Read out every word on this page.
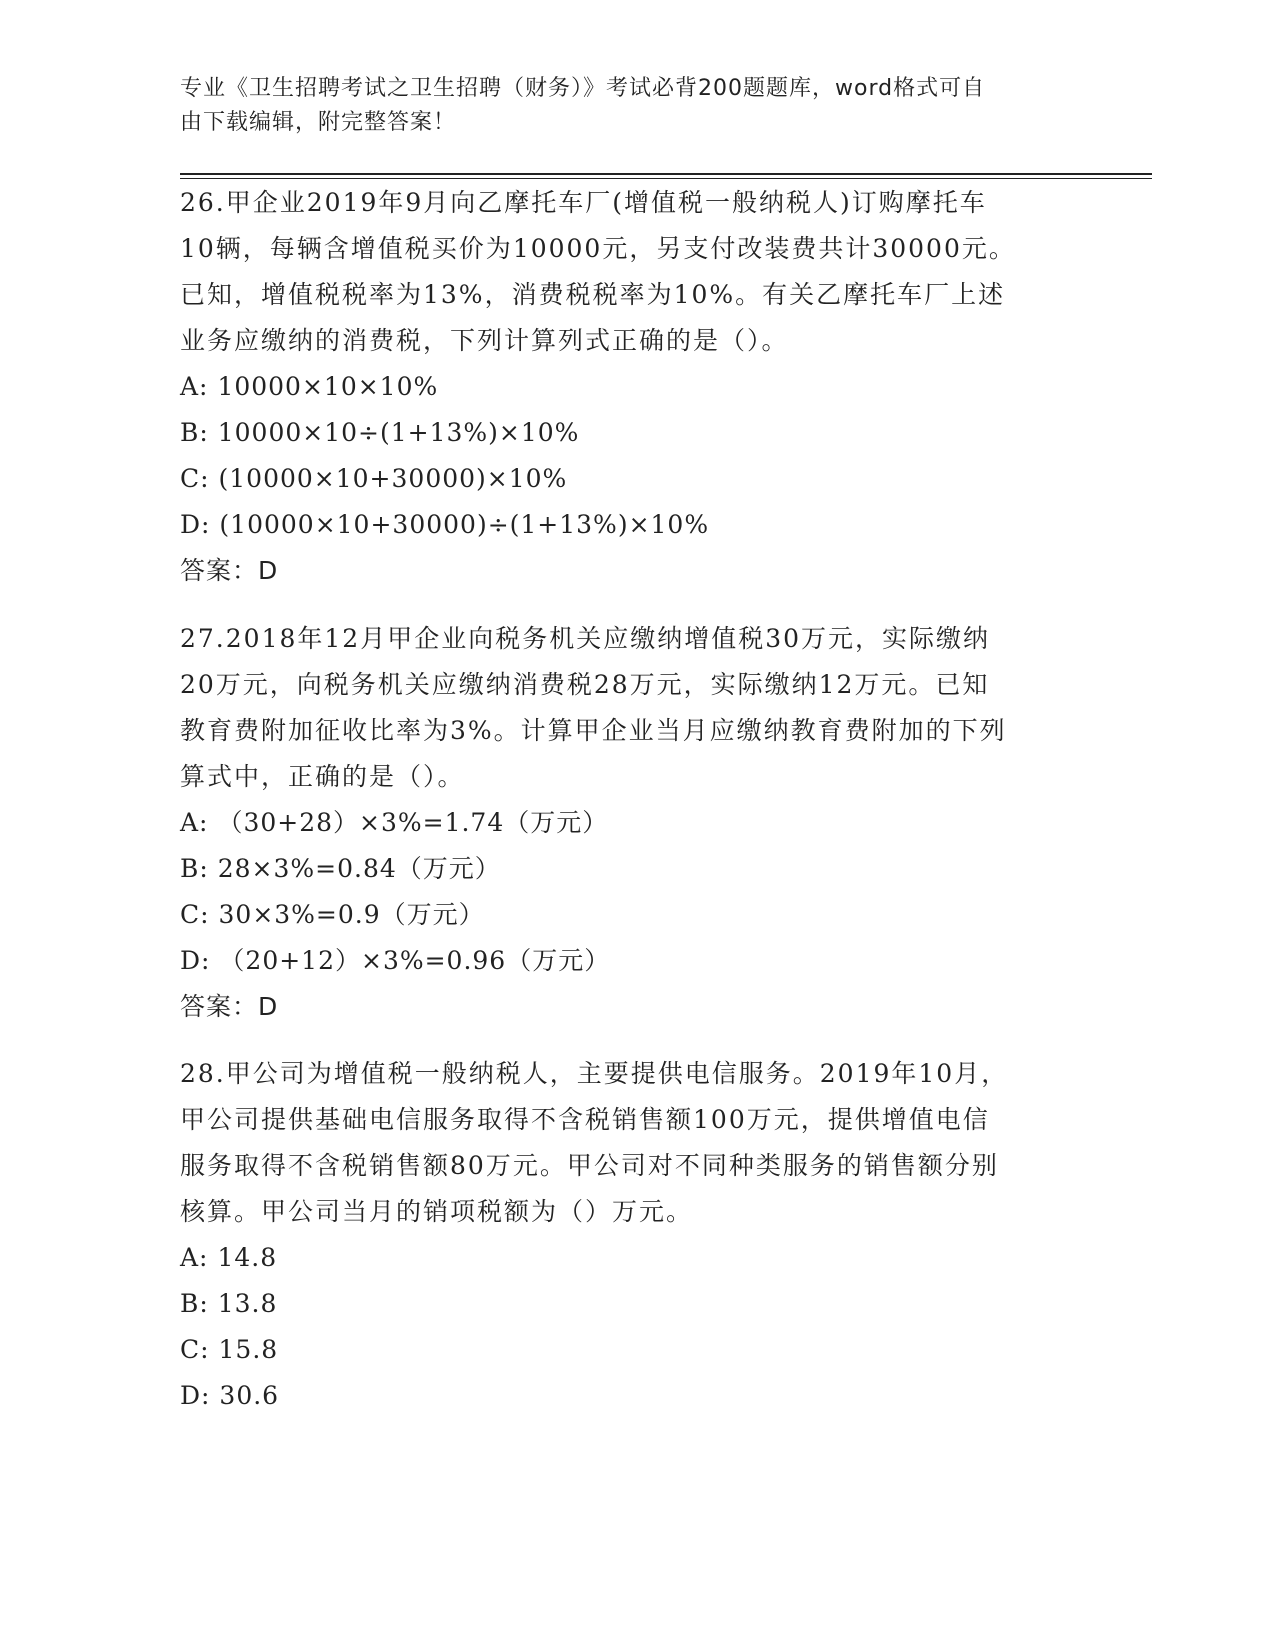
专业《卫生招聘考试之卫生招聘（财务）》考试必背200题题库，word格式可自
由下载编辑，附完整答案！

26.甲企业2019年9月向乙摩托车厂(增值税一般纳税人)订购摩托车

10辆，每辆含增值税买价为10000元，另支付改装费共计30000元。

已知，增值税税率为13%，消费税税率为10%。有关乙摩托车厂上述

业务应缴纳的消费税，下列计算列式正确的是（）。

A: 10000×10×10%

B: 10000×10÷(1+13%)×10%

C: (10000×10+30000)×10%

D: (10000×10+30000)÷(1+13%)×10%

答案：D

27.2018年12月甲企业向税务机关应缴纳增值税30万元，实际缴纳

20万元，向税务机关应缴纳消费税28万元，实际缴纳12万元。已知

教育费附加征收比率为3%。计算甲企业当月应缴纳教育费附加的下列

算式中，正确的是（）。

A: （30+28）×3%=1.74（万元）

B: 28×3%=0.84（万元）

C: 30×3%=0.9（万元）

D: （20+12）×3%=0.96（万元）

答案：D

28.甲公司为增值税一般纳税人，主要提供电信服务。2019年10月，

甲公司提供基础电信服务取得不含税销售额100万元，提供增值电信

服务取得不含税销售额80万元。甲公司对不同种类服务的销售额分别

核算。甲公司当月的销项税额为（）万元。

A: 14.8

B: 13.8

C: 15.8

D: 30.6
